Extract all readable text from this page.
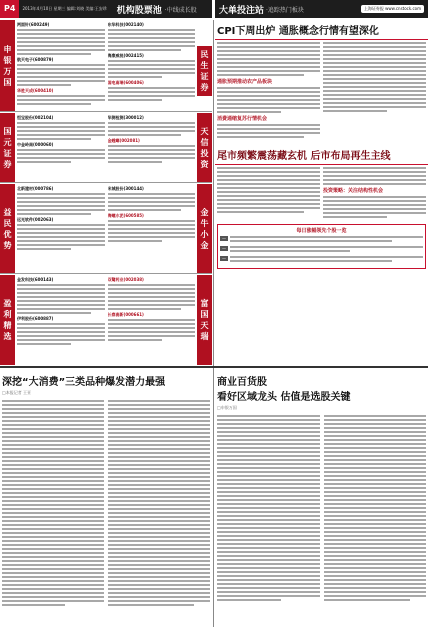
P4	2013年4月10日 星期三 编辑:刘晓 美编:王安珍 机构股票池 ·中线成长股	大单投注站 ·追踪热门板块	上海证券报 www.cnstock.com
申
银
万
国
民
生
证
券
两面针(600249)
航天电子(600879)
华胜天成(600410)
东华科技(002140)
海康威视(002415)
国电南瑞(600406)
国
元
证
券
天
信
投
资
恒宝股份(002104)
中金岭南(000060)
华测检测(300012)
金螳螂(002081)
益
民
优
势
金
牛
小
金
北新建材(000786)
远光软件(002063)
宋城股份(300144)
海螺水泥(600585)
盈
利
精
选
富
国
天
瑞
金发科技(600143)
伊利股份(600887)
双鹭药业(002038)
长春高新(000661)
CPI下周出炉 通胀概念行情有望深化
通胀预期推动农产品板块
消费通缩复苏行情机会
尾市频繁震荡藏玄机 后市布局再生主线
投资策略：关注结构性机会
每日涨幅领先个股一览
—
—
—
深挖“大消费”三类品种爆发潜力最强
□本报记者 王亚
商业百货股
看好区域龙头 估值是选股关键
□申银万国
